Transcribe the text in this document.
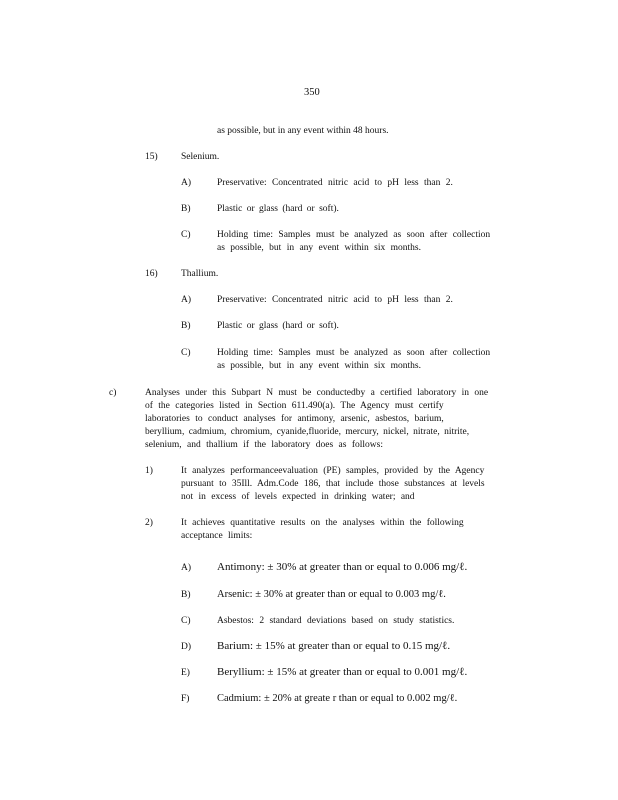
350
as possible, but in any event within 48 hours.
15) Selenium.
A)	Preservative: Concentrated nitric acid to pH less than 2.
B)	Plastic or glass (hard or soft).
C)	Holding time: Samples must be analyzed as soon after collection
as possible, but in any event within six months.
16) Thallium.
A)	Preservative: Concentrated nitric acid to pH less than 2.
B)	Plastic or glass (hard or soft).
C)	Holding time: Samples must be analyzed as soon after collection
as possible, but in any event within six months.
c)	Analyses under this Subpart N must be conductedby a certified laboratory in one
of the categories listed in Section 611.490(a). The Agency must certify
laboratories to conduct analyses for antimony, arsenic, asbestos, barium,
beryllium, cadmium, chromium, cyanide,fluoride, mercury, nickel, nitrate, nitrite,
selenium, and thallium if the laboratory does as follows:
1)	It analyzes performanceevaluation (PE) samples, provided by the Agency
pursuant to 35Ill. Adm.Code 186, that include those substances at levels
not in excess of levels expected in drinking water; and
2)	It achieves quantitative results on the analyses within the following
acceptance limits:
A) Antimony: ± 30% at greater than or equal to 0.006 mg/ℓ.
B)	Arsenic: ± 30% at greater than or equal to 0.003 mg/ℓ.
C)	Asbestos: 2 standard deviations based on study statistics.
D) Barium: ± 15% at greater than or equal to 0.15 mg/ℓ.
E) Beryllium: ± 15% at greater than or equal to 0.001 mg/ℓ.
F)	Cadmium: ± 20% at greate r than or equal to 0.002 mg/ℓ.
